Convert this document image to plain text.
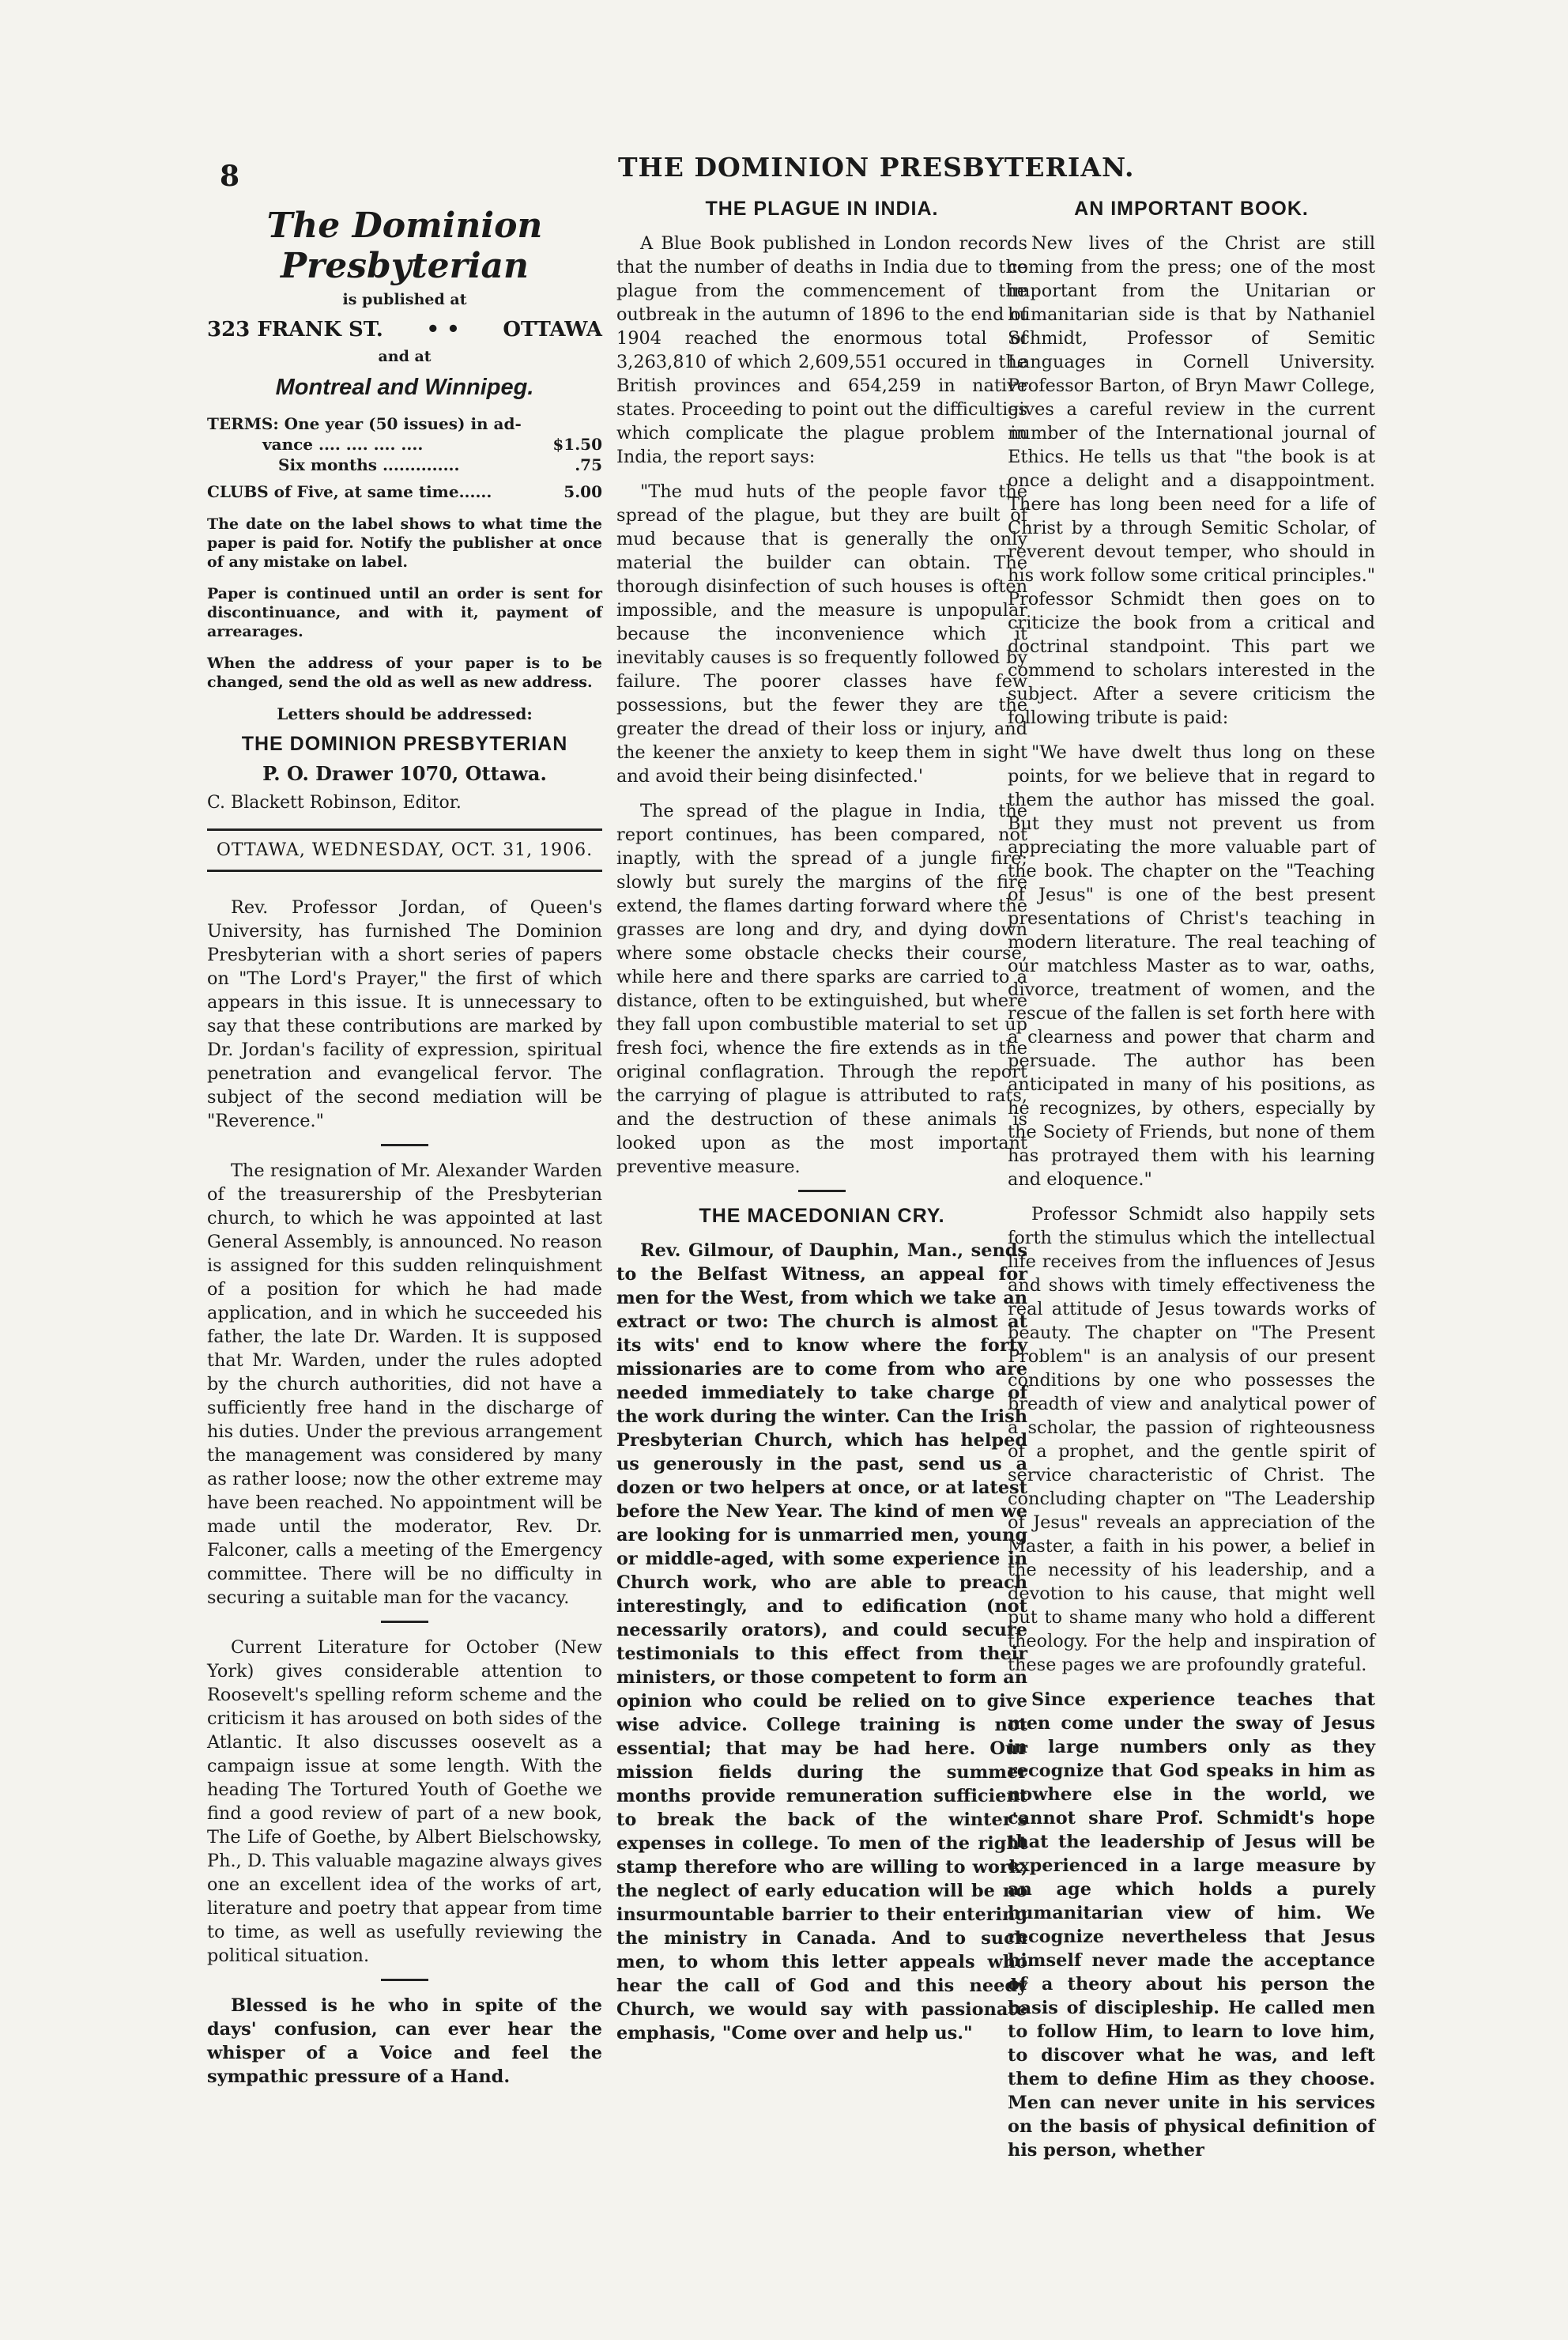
8	THE DOMINION PRESBYTERIAN.
The Dominion Presbyterian
is published at
323 FRANK ST. • • OTTAWA
and at
Montreal and Winnipeg.
TERMS: One year (50 issues) in ad-
vance .... .... .... ....	$1.50
Six months ..............	.75
CLUBS of Five, at same time......	5.00
The date on the label shows to what time the paper is paid for. Notify the publisher at once of any mistake on label.
Paper is continued until an order is sent for discontinuance, and with it, payment of arrearages.
When the address of your paper is to be changed, send the old as well as new address.
Letters should be addressed:
THE DOMINION PRESBYTERIAN
P. O. Drawer 1070, Ottawa.
C. Blackett Robinson, Editor.
OTTAWA, WEDNESDAY, OCT. 31, 1906.

Rev. Professor Jordan, of Queen's University, has furnished The Dominion Presbyterian with a short series of papers on "The Lord's Prayer," the first of which appears in this issue. It is unnecessary to say that these contributions are marked by Dr. Jordan's facility of expression, spiritual penetration and evangelical fervor. The subject of the second mediation will be "Reverence."

The resignation of Mr. Alexander Warden of the treasurership of the Presbyterian church, to which he was appointed at last General Assembly, is announced. No reason is assigned for this sudden relinquishment of a position for which he had made application, and in which he succeeded his father, the late Dr. Warden. It is supposed that Mr. Warden, under the rules adopted by the church authorities, did not have a sufficiently free hand in the discharge of his duties. Under the previous arrangement the management was considered by many as rather loose; now the other extreme may have been reached. No appointment will be made until the moderator, Rev. Dr. Falconer, calls a meeting of the Emergency committee. There will be no difficulty in securing a suitable man for the vacancy.

Current Literature for October (New York) gives considerable attention to Roosevelt's spelling reform scheme and the criticism it has aroused on both sides of the Atlantic. It also discusses oosevelt as a campaign issue at some length. With the heading The Tortured Youth of Goethe we find a good review of part of a new book, The Life of Goethe, by Albert Bielschowsky, Ph., D. This valuable magazine always gives one an excellent idea of the works of art, literature and poetry that appear from time to time, as well as usefully reviewing the political situation.

Blessed is he who in spite of the days' confusion, can ever hear the whisper of a Voice and feel the sympathic pressure of a Hand.

THE PLAGUE IN INDIA.

A Blue Book published in London records that the number of deaths in India due to the plague from the commencement of the outbreak in the autumn of 1896 to the end of 1904 reached the enormous total of 3,263,810 of which 2,609,551 occured in the British provinces and 654,259 in native states. Proceeding to point out the difficulties which complicate the plague problem in India, the report says:

"The mud huts of the people favor the spread of the plague, but they are built of mud because that is generally the only material the builder can obtain. The thorough disinfection of such houses is often impossible, and the measure is unpopular because the inconvenience which it inevitably causes is so frequently followed by failure. The poorer classes have few possessions, but the fewer they are the greater the dread of their loss or injury, and the keener the anxiety to keep them in sight and avoid their being disinfected.'

The spread of the plague in India, the report continues, has been compared, not inaptly, with the spread of a jungle fire; slowly but surely the margins of the fire extend, the flames darting forward where the grasses are long and dry, and dying down where some obstacle checks their course, while here and there sparks are carried to a distance, often to be extinguished, but where they fall upon combustible material to set up fresh foci, whence the fire extends as in the original conflagration. Through the report the carrying of plague is attributed to rats, and the destruction of these animals is looked upon as the most important preventive measure.

THE MACEDONIAN CRY.

Rev. Gilmour, of Dauphin, Man., sends to the Belfast Witness, an appeal for men for the West, from which we take an extract or two: The church is almost at its wits' end to know where the forty missionaries are to come from who are needed immediately to take charge of the work during the winter. Can the Irish Presbyterian Church, which has helped us generously in the past, send us a dozen or two helpers at once, or at latest before the New Year. The kind of men we are looking for is unmarried men, young or middle-aged, with some experience in Church work, who are able to preach interestingly, and to edification (not necessarily orators), and could secure testimonials to this effect from their ministers, or those competent to form an opinion who could be relied on to give wise advice. College training is not essential; that may be had here. Our mission fields during the summer months provide remuneration sufficient to break the back of the winter's expenses in college. To men of the right stamp therefore who are willing to work, the neglect of early education will be no insurmountable barrier to their entering the ministry in Canada. And to such men, to whom this letter appeals who hear the call of God and this needy Church, we would say with passionate emphasis, "Come over and help us."

AN IMPORTANT BOOK.

New lives of the Christ are still coming from the press; one of the most important from the Unitarian or humanitarian side is that by Nathaniel Schmidt, Professor of Semitic Languages in Cornell University. Professor Barton, of Bryn Mawr College, gives a careful review in the current number of the International journal of Ethics. He tells us that "the book is at once a delight and a disappointment. There has long been need for a life of Christ by a through Semitic Scholar, of reverent devout temper, who should in his work follow some critical principles." Professor Schmidt then goes on to criticize the book from a critical and doctrinal standpoint. This part we commend to scholars interested in the subject. After a severe criticism the following tribute is paid:

"We have dwelt thus long on these points, for we believe that in regard to them the author has missed the goal. But they must not prevent us from appreciating the more valuable part of the book. The chapter on the "Teaching of Jesus" is one of the best present presentations of Christ's teaching in modern literature. The real teaching of our matchless Master as to war, oaths, divorce, treatment of women, and the rescue of the fallen is set forth here with a clearness and power that charm and persuade. The author has been anticipated in many of his positions, as he recognizes, by others, especially by the Society of Friends, but none of them has protrayed them with his learning and eloquence."

Professor Schmidt also happily sets forth the stimulus which the intellectual life receives from the influences of Jesus and shows with timely effectiveness the real attitude of Jesus towards works of beauty. The chapter on "The Present Problem" is an analysis of our present conditions by one who possesses the breadth of view and analytical power of a scholar, the passion of righteousness of a prophet, and the gentle spirit of service characteristic of Christ. The concluding chapter on "The Leadership of Jesus" reveals an appreciation of the Master, a faith in his power, a belief in the necessity of his leadership, and a devotion to his cause, that might well put to shame many who hold a different theology. For the help and inspiration of these pages we are profoundly grateful.

Since experience teaches that men come under the sway of Jesus in large numbers only as they recognize that God speaks in him as nowhere else in the world, we cannot share Prof. Schmidt's hope that the leadership of Jesus will be experienced in a large measure by an age which holds a purely humanitarian view of him. We recognize nevertheless that Jesus himself never made the acceptance of a theory about his person the basis of discipleship. He called men to follow Him, to learn to love him, to discover what he was, and left them to define Him as they choose. Men can never unite in his services on the basis of physical definition of his person, whether
